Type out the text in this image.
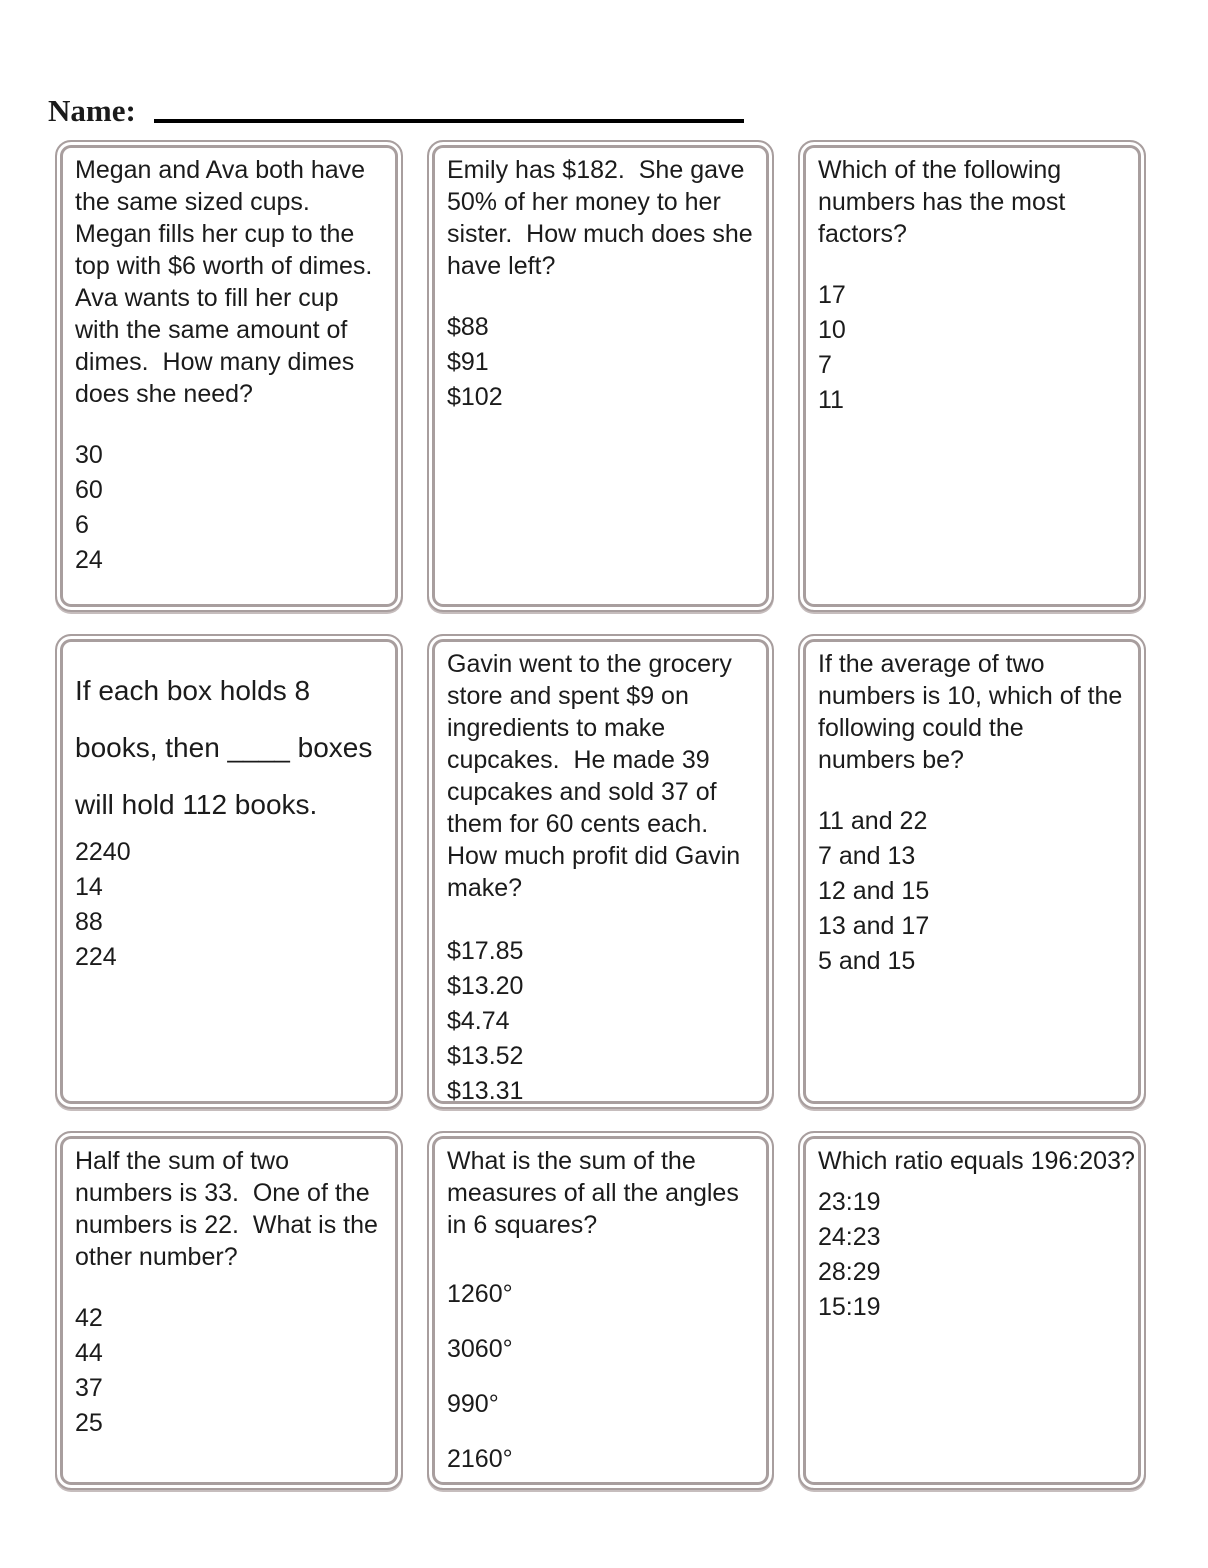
Name:
Megan and Ava both have
the same sized cups.
Megan fills her cup to the
top with $6 worth of dimes.
Ava wants to fill her cup
with the same amount of
dimes.  How many dimes
does she need?
30
60
6
24
Emily has $182.  She gave
50% of her money to her
sister.  How much does she
have left?
$88
$91
$102
Which of the following
numbers has the most
factors?
17
10
7
11
If each box holds 8
books, then ____ boxes
will hold 112 books.
2240
14
88
224
Gavin went to the grocery
store and spent $9 on
ingredients to make
cupcakes.  He made 39
cupcakes and sold 37 of
them for 60 cents each.
How much profit did Gavin
make?
$17.85
$13.20
$4.74
$13.52
$13.31
If the average of two
numbers is 10, which of the
following could the
numbers be?
11 and 22
7 and 13
12 and 15
13 and 17
5 and 15
Half the sum of two
numbers is 33.  One of the
numbers is 22.  What is the
other number?
42
44
37
25
What is the sum of the
measures of all the angles
in 6 squares?
1260°
3060°
990°
2160°
Which ratio equals 196:203?
23:19
24:23
28:29
15:19
